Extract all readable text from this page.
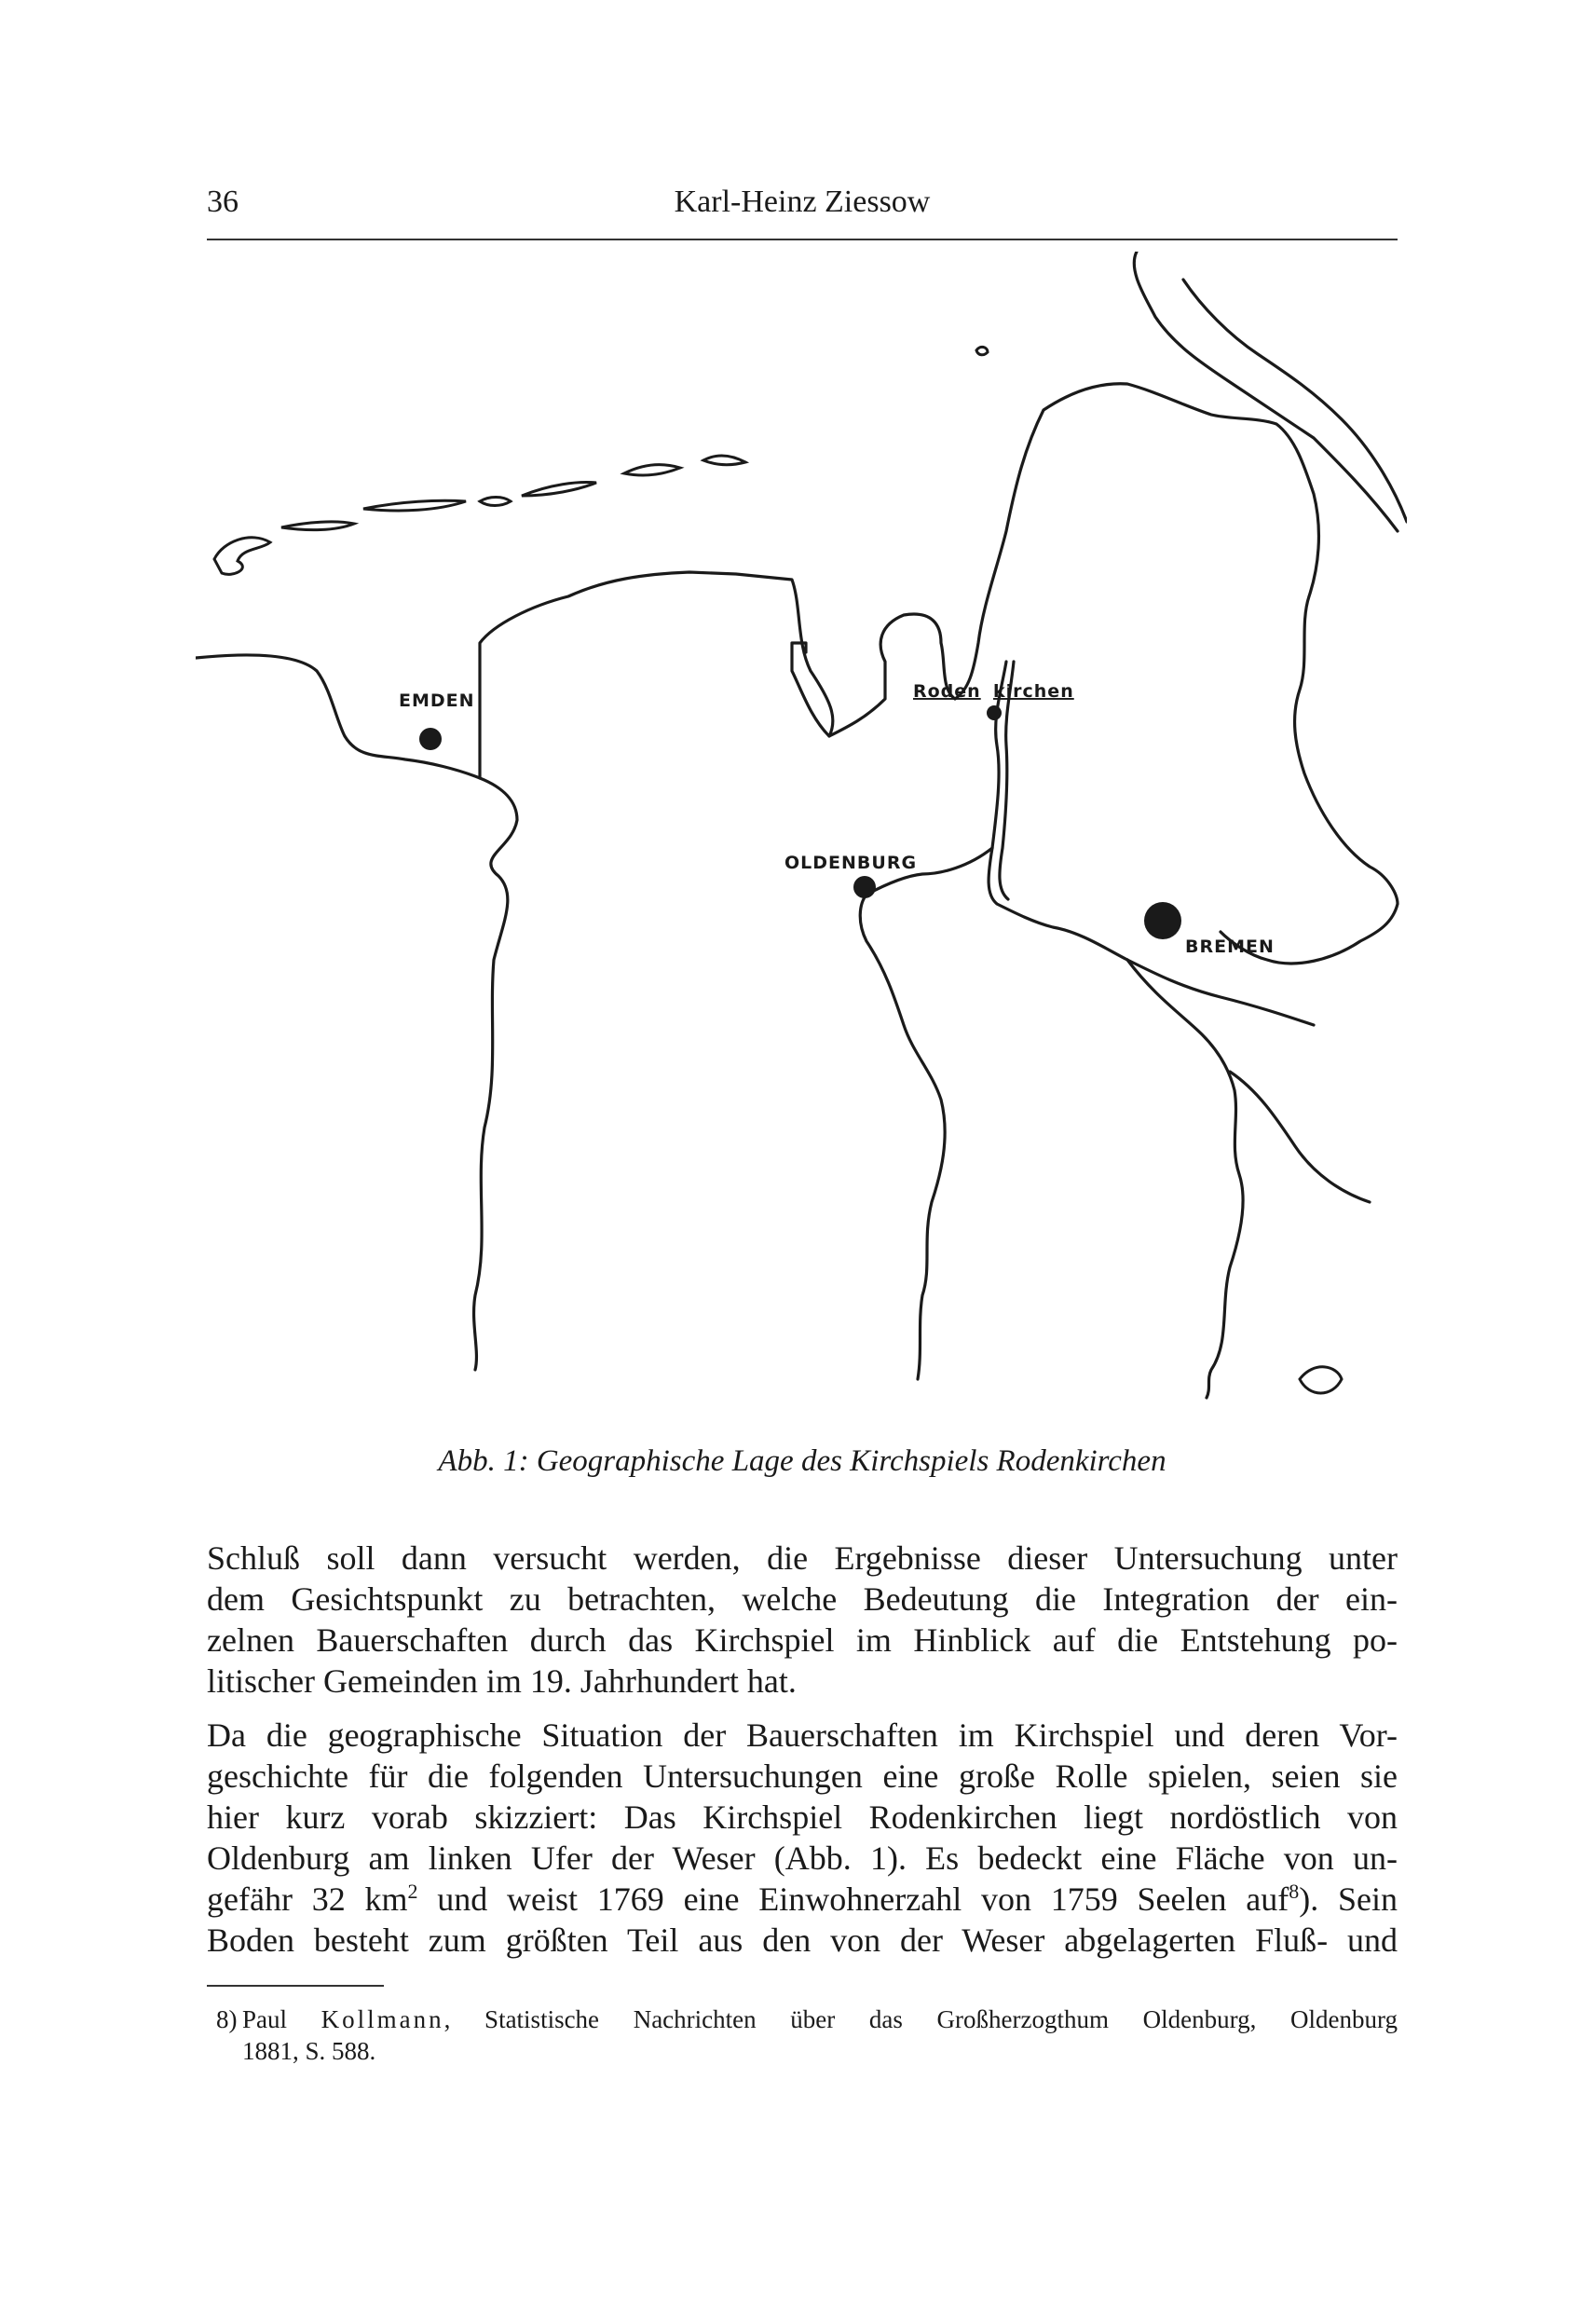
36	Karl-Heinz Ziessow
EMDEN
OLDENBURG
Roden kirchen
BREMEN
Abb. 1: Geographische Lage des Kirchspiels Rodenkirchen

Schluß soll dann versucht werden, die Ergebnisse dieser Untersuchung unter
dem Gesichtspunkt zu betrachten, welche Bedeutung die Integration der ein-
zelnen Bauerschaften durch das Kirchspiel im Hinblick auf die Entstehung po-
litischer Gemeinden im 19. Jahrhundert hat.

Da die geographische Situation der Bauerschaften im Kirchspiel und deren Vor-
geschichte für die folgenden Untersuchungen eine große Rolle spielen, seien sie
hier kurz vorab skizziert: Das Kirchspiel Rodenkirchen liegt nordöstlich von
Oldenburg am linken Ufer der Weser (Abb. 1). Es bedeckt eine Fläche von un-
gefähr 32 $km^2$ und weist 1769 eine Einwohnerzahl von 1759 Seelen auf$^8$). Sein
Boden besteht zum größten Teil aus den von der Weser abgelagerten Fluß- und

8) Paul Kollmann, Statistische Nachrichten über das Großherzogthum Oldenburg, Oldenburg
1881, S. 588.
